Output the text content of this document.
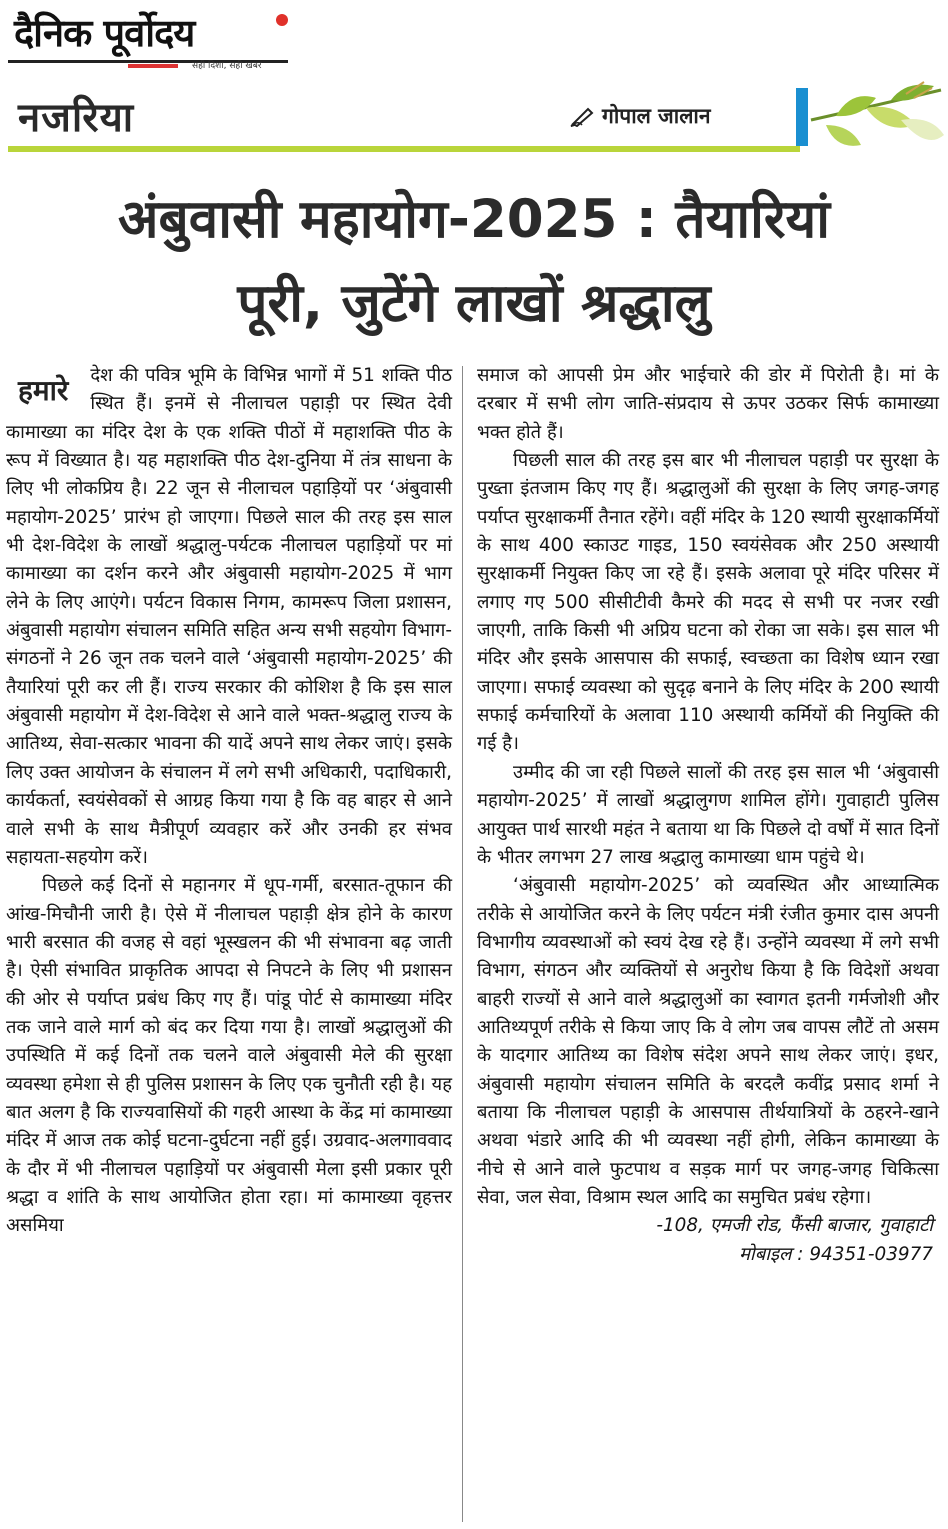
दैनिक पूर्वोदय
सही दिशा, सही खबर
नजरिया	गोपाल जालान
अंबुवासी महायोग-2025 : तैयारियां
पूरी, जुटेंगे लाखों श्रद्धालु
हमारे	देश की पवित्र भूमि के विभिन्न भागों में 51 शक्ति पीठ स्थित हैं। इनमें से नीलाचल पहाड़ी पर स्थित देवी कामाख्या का मंदिर देश के एक शक्ति पीठों में महाशक्ति पीठ के रूप में विख्यात है। यह महाशक्ति पीठ देश-दुनिया में तंत्र साधना के लिए भी लोकप्रिय है। 22 जून से नीलाचल पहाड़ियों पर ‘अंबुवासी महायोग-2025’ प्रारंभ हो जाएगा। पिछले साल की तरह इस साल भी देश-विदेश के लाखों श्रद्धालु-पर्यटक नीलाचल पहाड़ियों पर मां कामाख्या का दर्शन करने और अंबुवासी महायोग-2025 में भाग लेने के लिए आएंगे। पर्यटन विकास निगम, कामरूप जिला प्रशासन, अंबुवासी महायोग संचालन समिति सहित अन्य सभी सहयोग विभाग-संगठनों ने 26 जून तक चलने वाले ‘अंबुवासी महायोग-2025’ की तैयारियां पूरी कर ली हैं। राज्य सरकार की कोशिश है कि इस साल अंबुवासी महायोग में देश-विदेश से आने वाले भक्त-श्रद्धालु राज्य के आतिथ्य, सेवा-सत्कार भावना की यादें अपने साथ लेकर जाएं। इसके लिए उक्त आयोजन के संचालन में लगे सभी अधिकारी, पदाधिकारी, कार्यकर्ता, स्वयंसेवकों से आग्रह किया गया है कि वह बाहर से आने वाले सभी के साथ मैत्रीपूर्ण व्यवहार करें और उनकी हर संभव सहायता-सहयोग करें।

पिछले कई दिनों से महानगर में धूप-गर्मी, बरसात-तूफान की आंख-मिचौनी जारी है। ऐसे में नीलाचल पहाड़ी क्षेत्र होने के कारण भारी बरसात की वजह से वहां भूस्खलन की भी संभावना बढ़ जाती है। ऐसी संभावित प्राकृतिक आपदा से निपटने के लिए भी प्रशासन की ओर से पर्याप्त प्रबंध किए गए हैं। पांडू पोर्ट से कामाख्या मंदिर तक जाने वाले मार्ग को बंद कर दिया गया है। लाखों श्रद्धालुओं की उपस्थिति में कई दिनों तक चलने वाले अंबुवासी मेले की सुरक्षा व्यवस्था हमेशा से ही पुलिस प्रशासन के लिए एक चुनौती रही है। यह बात अलग है कि राज्यवासियों की गहरी आस्था के केंद्र मां कामाख्या मंदिर में आज तक कोई घटना-दुर्घटना नहीं हुई। उग्रवाद-अलगाववाद के दौर में भी नीलाचल पहाड़ियों पर अंबुवासी मेला इसी प्रकार पूरी श्रद्धा व शांति के साथ आयोजित होता रहा। मां कामाख्या वृहत्तर असमिया

समाज को आपसी प्रेम और भाईचारे की डोर में पिरोती है। मां के दरबार में सभी लोग जाति-संप्रदाय से ऊपर उठकर सिर्फ कामाख्या भक्त होते हैं।

पिछली साल की तरह इस बार भी नीलाचल पहाड़ी पर सुरक्षा के पुख्ता इंतजाम किए गए हैं। श्रद्धालुओं की सुरक्षा के लिए जगह-जगह पर्याप्त सुरक्षाकर्मी तैनात रहेंगे। वहीं मंदिर के 120 स्थायी सुरक्षाकर्मियों के साथ 400 स्काउट गाइड, 150 स्वयंसेवक और 250 अस्थायी सुरक्षाकर्मी नियुक्त किए जा रहे हैं। इसके अलावा पूरे मंदिर परिसर में लगाए गए 500 सीसीटीवी कैमरे की मदद से सभी पर नजर रखी जाएगी, ताकि किसी भी अप्रिय घटना को रोका जा सके। इस साल भी मंदिर और इसके आसपास की सफाई, स्वच्छता का विशेष ध्यान रखा जाएगा। सफाई व्यवस्था को सुदृढ़ बनाने के लिए मंदिर के 200 स्थायी सफाई कर्मचारियों के अलावा 110 अस्थायी कर्मियों की नियुक्ति की गई है।

उम्मीद की जा रही पिछले सालों की तरह इस साल भी ‘अंबुवासी महायोग-2025’ में लाखों श्रद्धालुगण शामिल होंगे। गुवाहाटी पुलिस आयुक्त पार्थ सारथी महंत ने बताया था कि पिछले दो वर्षों में सात दिनों के भीतर लगभग 27 लाख श्रद्धालु कामाख्या धाम पहुंचे थे।

‘अंबुवासी महायोग-2025’ को व्यवस्थित और आध्यात्मिक तरीके से आयोजित करने के लिए पर्यटन मंत्री रंजीत कुमार दास अपनी विभागीय व्यवस्थाओं को स्वयं देख रहे हैं। उन्होंने व्यवस्था में लगे सभी विभाग, संगठन और व्यक्तियों से अनुरोध किया है कि विदेशों अथवा बाहरी राज्यों से आने वाले श्रद्धालुओं का स्वागत इतनी गर्मजोशी और आतिथ्यपूर्ण तरीके से किया जाए कि वे लोग जब वापस लौटें तो असम के यादगार आतिथ्य का विशेष संदेश अपने साथ लेकर जाएं। इधर, अंबुवासी महायोग संचालन समिति के बरदलै कवींद्र प्रसाद शर्मा ने बताया कि नीलाचल पहाड़ी के आसपास तीर्थयात्रियों के ठहरने-खाने अथवा भंडारे आदि की भी व्यवस्था नहीं होगी, लेकिन कामाख्या के नीचे से आने वाले फुटपाथ व सड़क मार्ग पर जगह-जगह चिकित्सा सेवा, जल सेवा, विश्राम स्थल आदि का समुचित प्रबंध रहेगा।

-108, एमजी रोड, फैंसी बाजार, गुवाहाटी

मोबाइल : 94351-03977
